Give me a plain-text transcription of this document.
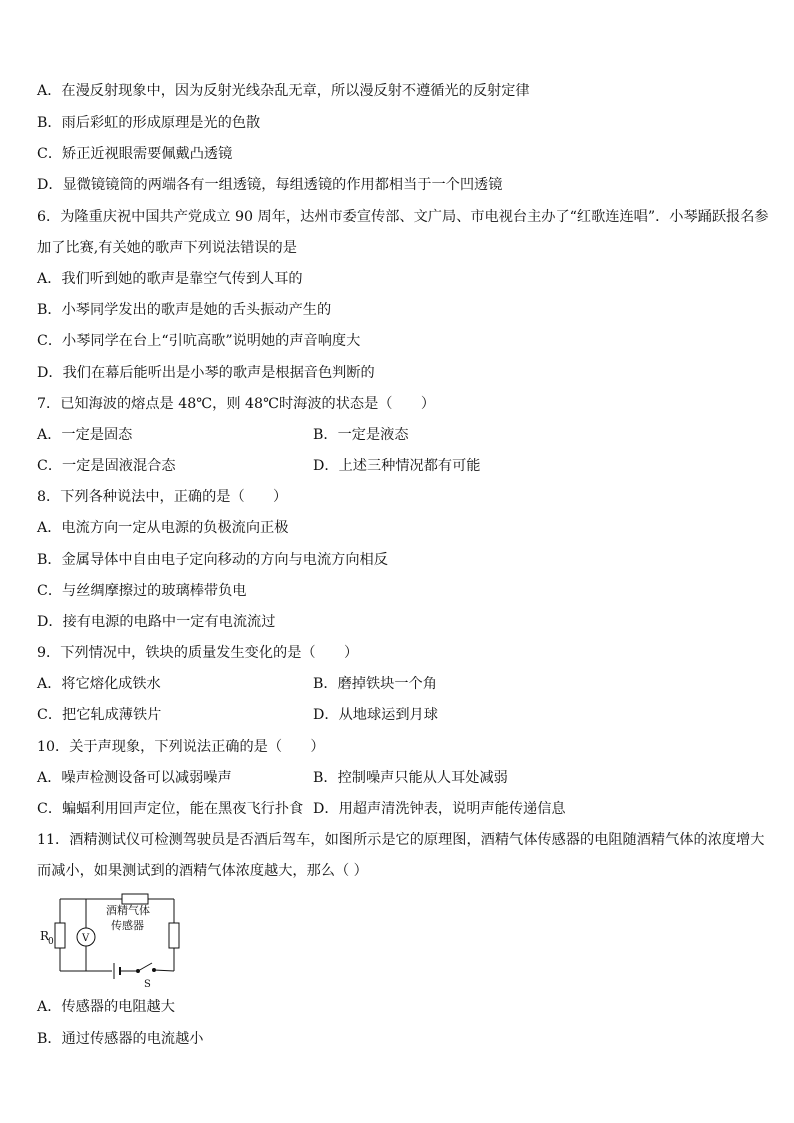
A．在漫反射现象中，因为反射光线杂乱无章，所以漫反射不遵循光的反射定律
B．雨后彩虹的形成原理是光的色散
C．矫正近视眼需要佩戴凸透镜
D．显微镜镜筒的两端各有一组透镜，每组透镜的作用都相当于一个凹透镜
6．为隆重庆祝中国共产党成立 90 周年，达州市委宣传部、文广局、市电视台主办了“红歌连连唱”．小琴踊跃报名参
加了比赛,有关她的歌声下列说法错误的是
A．我们听到她的歌声是靠空气传到人耳的
B．小琴同学发出的歌声是她的舌头振动产生的
C．小琴同学在台上“引吭高歌”说明她的声音响度大
D．我们在幕后能听出是小琴的歌声是根据音色判断的
7．已知海波的熔点是 48℃，则 48℃时海波的状态是（　　）
A．一定是固态	B．一定是液态
C．一定是固液混合态	D．上述三种情况都有可能
8．下列各种说法中，正确的是（　　）
A．电流方向一定从电源的负极流向正极
B．金属导体中自由电子定向移动的方向与电流方向相反
C．与丝绸摩擦过的玻璃棒带负电
D．接有电源的电路中一定有电流流过
9．下列情况中，铁块的质量发生变化的是（　　）
A．将它熔化成铁水	B．磨掉铁块一个角
C．把它轧成薄铁片	D．从地球运到月球
10．关于声现象，下列说法正确的是（　　）
A．噪声检测设备可以减弱噪声	B．控制噪声只能从人耳处减弱
C．蝙蝠利用回声定位，能在黑夜飞行扑食 D．用超声清洗钟表，说明声能传递信息
11．酒精测试仪可检测驾驶员是否酒后驾车，如图所示是它的原理图，酒精气体传感器的电阻随酒精气体的浓度增大
而减小，如果测试到的酒精气体浓度越大，那么（ ）
酒精气体
传感器
R
0	V
S
A．传感器的电阻越大
B．通过传感器的电流越小
